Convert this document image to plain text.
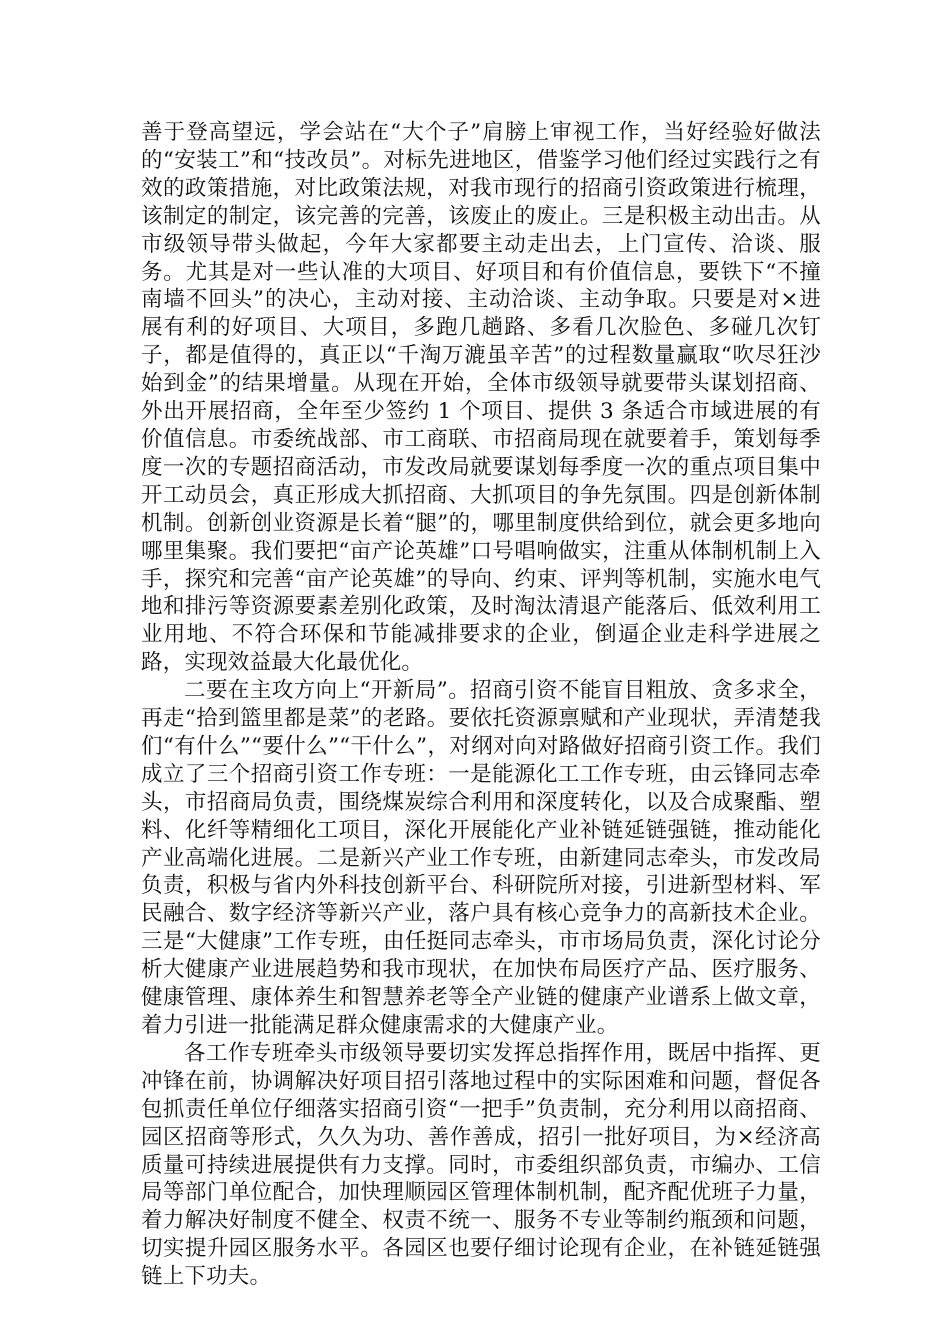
善于登高望远，学会站在“大个子”肩膀上审视工作，当好经验好做法的“安装工”和“技改员”。对标先进地区，借鉴学习他们经过实践行之有效的政策措施，对比政策法规，对我市现行的招商引资政策进行梳理，该制定的制定，该完善的完善，该废止的废止。三是积极主动出击。从市级领导带头做起，今年大家都要主动走出去，上门宣传、洽谈、服务。尤其是对一些认准的大项目、好项目和有价值信息，要铁下“不撞南墙不回头”的决心，主动对接、主动洽谈、主动争取。只要是对×进展有利的好项目、大项目，多跑几趟路、多看几次脸色、多碰几次钉子，都是值得的，真正以“千淘万漉虽辛苦”的过程数量赢取“吹尽狂沙始到金”的结果增量。从现在开始，全体市级领导就要带头谋划招商、外出开展招商，全年至少签约 1 个项目、提供 3 条适合市域进展的有价值信息。市委统战部、市工商联、市招商局现在就要着手，策划每季度一次的专题招商活动，市发改局就要谋划每季度一次的重点项目集中开工动员会，真正形成大抓招商、大抓项目的争先氛围。四是创新体制机制。创新创业资源是长着“腿”的，哪里制度供给到位，就会更多地向哪里集聚。我们要把“亩产论英雄”口号唱响做实，注重从体制机制上入手，探究和完善“亩产论英雄”的导向、约束、评判等机制，实施水电气地和排污等资源要素差别化政策，及时淘汰清退产能落后、低效利用工业用地、不符合环保和节能减排要求的企业，倒逼企业走科学进展之路，实现效益最大化最优化。

二要在主攻方向上“开新局”。招商引资不能盲目粗放、贪多求全，再走“拾到篮里都是菜”的老路。要依托资源禀赋和产业现状，弄清楚我们“有什么”“要什么”“干什么”，对纲对向对路做好招商引资工作。我们成立了三个招商引资工作专班：一是能源化工工作专班，由云锋同志牵头，市招商局负责，围绕煤炭综合利用和深度转化，以及合成聚酯、塑料、化纤等精细化工项目，深化开展能化产业补链延链强链，推动能化产业高端化进展。二是新兴产业工作专班，由新建同志牵头，市发改局负责，积极与省内外科技创新平台、科研院所对接，引进新型材料、军民融合、数字经济等新兴产业，落户具有核心竞争力的高新技术企业。三是“大健康”工作专班，由任挺同志牵头，市市场局负责，深化讨论分析大健康产业进展趋势和我市现状，在加快布局医疗产品、医疗服务、健康管理、康体养生和智慧养老等全产业链的健康产业谱系上做文章，着力引进一批能满足群众健康需求的大健康产业。

各工作专班牵头市级领导要切实发挥总指挥作用，既居中指挥、更冲锋在前，协调解决好项目招引落地过程中的实际困难和问题，督促各包抓责任单位仔细落实招商引资“一把手”负责制，充分利用以商招商、园区招商等形式，久久为功、善作善成，招引一批好项目，为×经济高质量可持续进展提供有力支撑。同时，市委组织部负责，市编办、工信局等部门单位配合，加快理顺园区管理体制机制，配齐配优班子力量，着力解决好制度不健全、权责不统一、服务不专业等制约瓶颈和问题，切实提升园区服务水平。各园区也要仔细讨论现有企业，在补链延链强链上下功夫。
